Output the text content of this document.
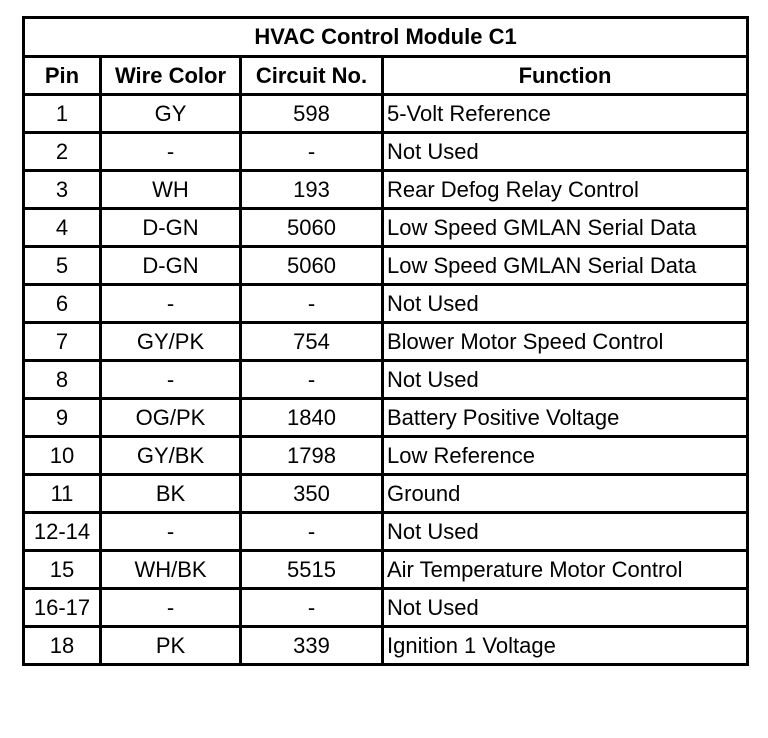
HVAC Control Module C1			
Pin	Wire Color	Circuit No.	Function
1	GY	598	5-Volt Reference
2	-	-	Not Used
3	WH	193	Rear Defog Relay Control
4	D-GN	5060	Low Speed GMLAN Serial Data
5	D-GN	5060	Low Speed GMLAN Serial Data
6	-	-	Not Used
7	GY/PK	754	Blower Motor Speed Control
8	-	-	Not Used
9	OG/PK	1840	Battery Positive Voltage
10	GY/BK	1798	Low Reference
11	BK	350	Ground
12-14	-	-	Not Used
15	WH/BK	5515	Air Temperature Motor Control
16-17	-	-	Not Used
18	PK	339	Ignition 1 Voltage
